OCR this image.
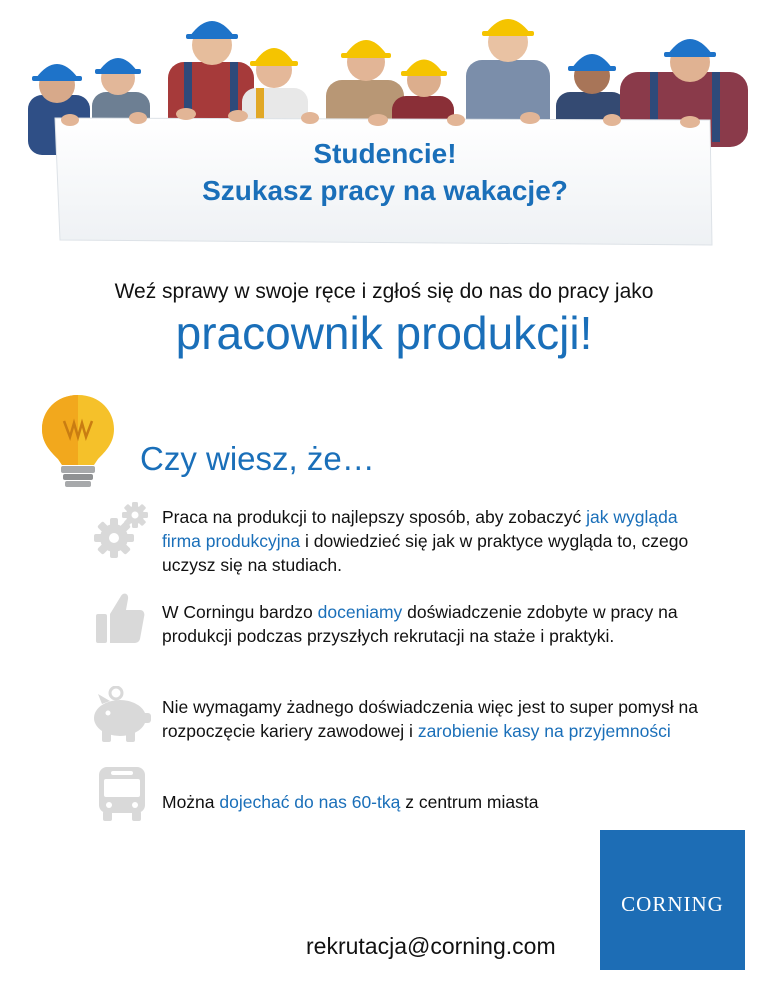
Studencie!
Szukasz pracy na wakacje?
Weź sprawy w swoje ręce i zgłoś się do nas do pracy jako
pracownik produkcji!
Czy wiesz, że…
Praca na produkcji to najlepszy sposób, aby zobaczyć jak wygląda firma produkcyjna i dowiedzieć się jak w praktyce wygląda to, czego uczysz się na studiach.
W Corningu bardzo doceniamy doświadczenie zdobyte w pracy na produkcji podczas przyszłych rekrutacji na staże i praktyki.
Nie wymagamy żadnego doświadczenia więc jest to super pomysł na rozpoczęcie kariery zawodowej i zarobienie kasy na przyjemności
Można dojechać do nas 60-tką z centrum miasta
CORNING
rekrutacja@corning.com
